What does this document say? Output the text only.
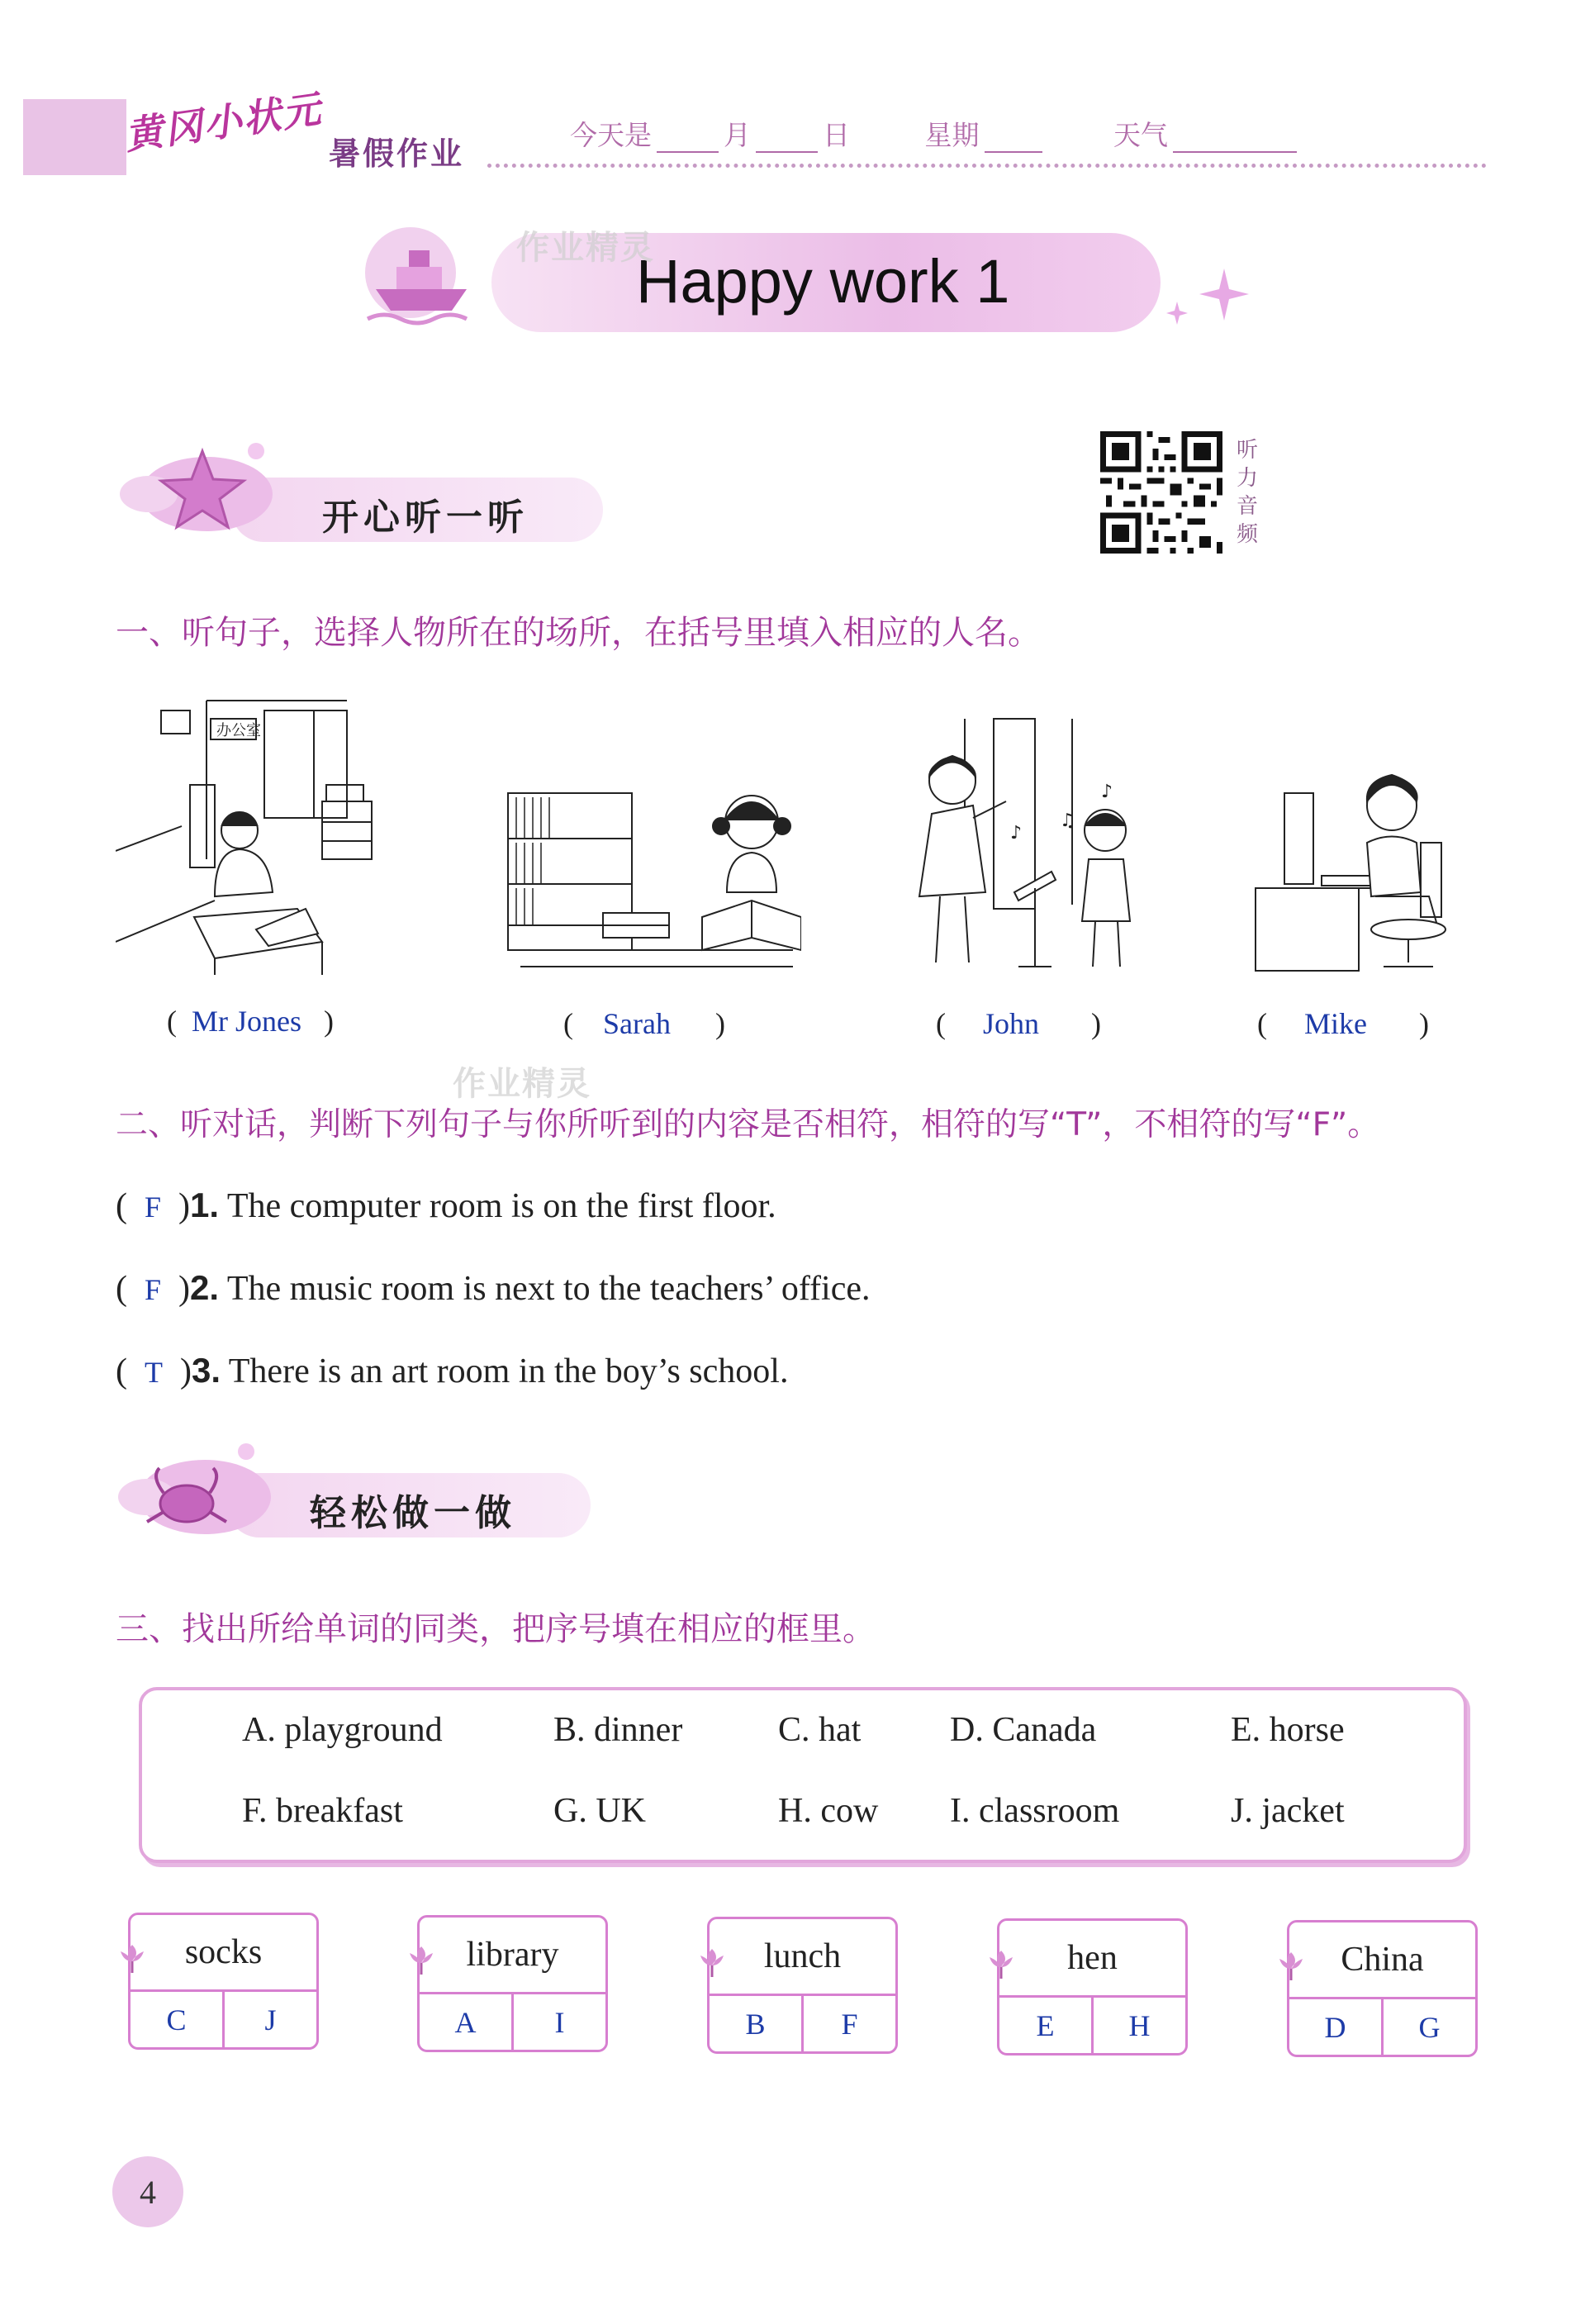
黄冈小状元 暑假作业
今天是	月	日	星期	天气
Happy work 1
作业精灵
开心听一听
听
力
音
频
一、听句子，选择人物所在的场所，在括号里填入相应的人名。
办公室
♪
♫
♪
(  Mr Jones   )	(    Sarah      )	(     John       )	(     Mike       )
作业精灵
二、听对话，判断下列句子与你所听到的内容是否相符，相符的写“T”，不相符的写“F”。
(  F  )1. The computer room is on the first floor.
(  F  )2. The music room is next to the teachers’ office.
(  T  )3. There is an art room in the boy’s school.
轻松做一做
三、找出所给单词的同类，把序号填在相应的框里。
A. playground	B. dinner	C. hat	D. Canada	E. horse
F. breakfast	G. UK	H. cow I. classroom	J. jacket
socks
C	J
library
A	I
lunch
B	F
hen
E	H
China
D	G
4
